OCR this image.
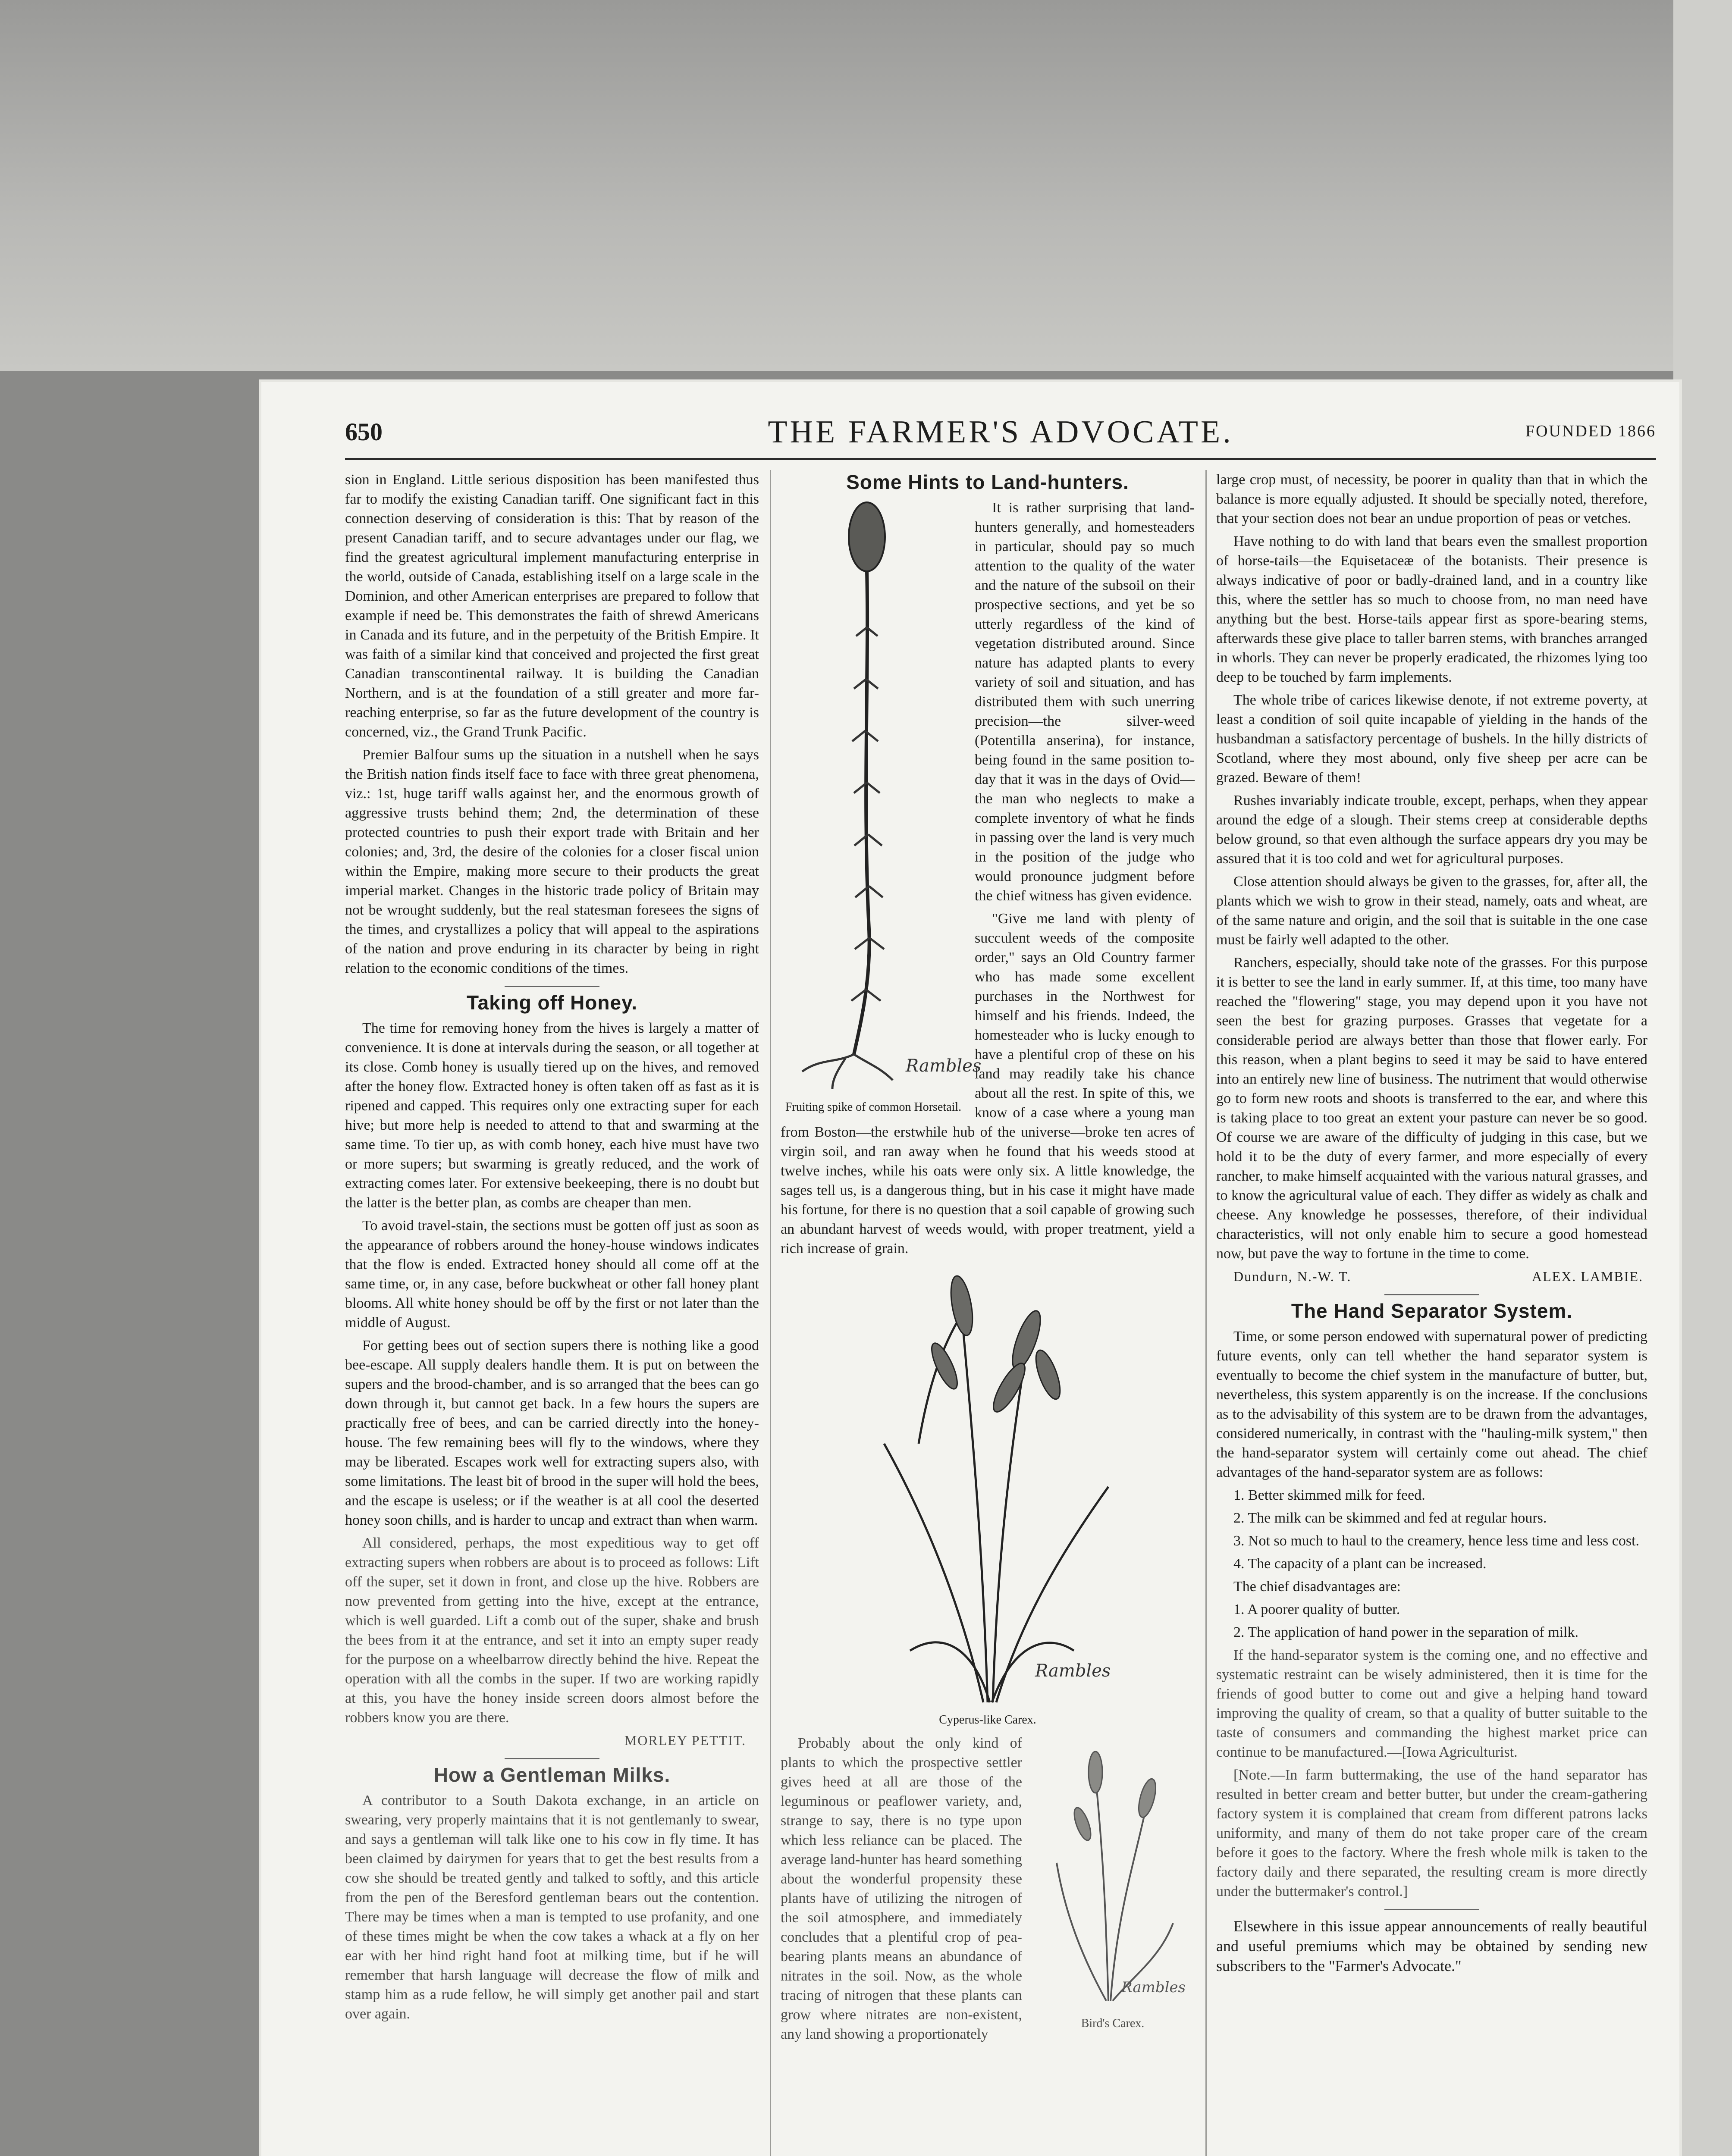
650	THE FARMER'S ADVOCATE.	FOUNDED 1866

sion in England. Little serious disposition has been manifested thus far to modify the existing Canadian tariff. One significant fact in this connection deserving of consideration is this: That by reason of the present Canadian tariff, and to secure advantages under our flag, we find the greatest agricultural implement manufacturing enterprise in the world, outside of Canada, establishing itself on a large scale in the Dominion, and other American enterprises are prepared to follow that example if need be. This demonstrates the faith of shrewd Americans in Canada and its future, and in the perpetuity of the British Empire. It was faith of a similar kind that conceived and projected the first great Canadian transcontinental railway. It is building the Canadian Northern, and is at the foundation of a still greater and more far-reaching enterprise, so far as the future development of the country is concerned, viz., the Grand Trunk Pacific.

Premier Balfour sums up the situation in a nutshell when he says the British nation finds itself face to face with three great phenomena, viz.: 1st, huge tariff walls against her, and the enormous growth of aggressive trusts behind them; 2nd, the determination of these protected countries to push their export trade with Britain and her colonies; and, 3rd, the desire of the colonies for a closer fiscal union within the Empire, making more secure to their products the great imperial market. Changes in the historic trade policy of Britain may not be wrought suddenly, but the real statesman foresees the signs of the times, and crystallizes a policy that will appeal to the aspirations of the nation and prove enduring in its character by being in right relation to the economic conditions of the times.

Taking off Honey.

The time for removing honey from the hives is largely a matter of convenience. It is done at intervals during the season, or all together at its close. Comb honey is usually tiered up on the hives, and removed after the honey flow. Extracted honey is often taken off as fast as it is ripened and capped. This requires only one extracting super for each hive; but more help is needed to attend to that and swarming at the same time. To tier up, as with comb honey, each hive must have two or more supers; but swarming is greatly reduced, and the work of extracting comes later. For extensive beekeeping, there is no doubt but the latter is the better plan, as combs are cheaper than men.

To avoid travel-stain, the sections must be gotten off just as soon as the appearance of robbers around the honey-house windows indicates that the flow is ended. Extracted honey should all come off at the same time, or, in any case, before buckwheat or other fall honey plant blooms. All white honey should be off by the first or not later than the middle of August.

For getting bees out of section supers there is nothing like a good bee-escape. All supply dealers handle them. It is put on between the supers and the brood-chamber, and is so arranged that the bees can go down through it, but cannot get back. In a few hours the supers are practically free of bees, and can be carried directly into the honey-house. The few remaining bees will fly to the windows, where they may be liberated. Escapes work well for extracting supers also, with some limitations. The least bit of brood in the super will hold the bees, and the escape is useless; or if the weather is at all cool the deserted honey soon chills, and is harder to uncap and extract than when warm.

All considered, perhaps, the most expeditious way to get off extracting supers when robbers are about is to proceed as follows: Lift off the super, set it down in front, and close up the hive. Robbers are now prevented from getting into the hive, except at the entrance, which is well guarded. Lift a comb out of the super, shake and brush the bees from it at the entrance, and set it into an empty super ready for the purpose on a wheelbarrow directly behind the hive. Repeat the operation with all the combs in the super. If two are working rapidly at this, you have the honey inside screen doors almost before the robbers know you are there.

MORLEY PETTIT.
How a Gentleman Milks.

A contributor to a South Dakota exchange, in an article on swearing, very properly maintains that it is not gentlemanly to swear, and says a gentleman will talk like one to his cow in fly time. It has been claimed by dairymen for years that to get the best results from a cow she should be treated gently and talked to softly, and this article from the pen of the Beresford gentleman bears out the contention. There may be times when a man is tempted to use profanity, and one of these times might be when the cow takes a whack at a fly on her ear with her hind right hand foot at milking time, but if he will remember that harsh language will decrease the flow of milk and stamp him as a rude fellow, he will simply get another pail and start over again.

Some Hints to Land-hunters.
Rambles
Fruiting spike of common Horsetail.

It is rather surprising that land-hunters generally, and homesteaders in particular, should pay so much attention to the quality of the water and the nature of the subsoil on their prospective sections, and yet be so utterly regardless of the kind of vegetation distributed around. Since nature has adapted plants to every variety of soil and situation, and has distributed them with such unerring precision—the silver-weed (Potentilla anserina), for instance, being found in the same position to-day that it was in the days of Ovid—the man who neglects to make a complete inventory of what he finds in passing over the land is very much in the position of the judge who would pronounce judgment before the chief witness has given evidence.

"Give me land with plenty of succulent weeds of the composite order," says an Old Country farmer who has made some excellent purchases in the Northwest for himself and his friends. Indeed, the homesteader who is lucky enough to have a plentiful crop of these on his land may readily take his chance about all the rest. In spite of this, we know of a case where a young man from Boston—the erstwhile hub of the universe—broke ten acres of virgin soil, and ran away when he found that his weeds stood at twelve inches, while his oats were only six. A little knowledge, the sages tell us, is a dangerous thing, but in his case it might have made his fortune, for there is no question that a soil capable of growing such an abundant harvest of weeds would, with proper treatment, yield a rich increase of grain.

Rambles
Cyperus-like Carex.
Rambles
Bird's Carex.

Probably about the only kind of plants to which the prospective settler gives heed at all are those of the leguminous or peaflower variety, and, strange to say, there is no type upon which less reliance can be placed. The average land-hunter has heard something about the wonderful propensity these plants have of utilizing the nitrogen of the soil atmosphere, and immediately concludes that a plentiful crop of pea-bearing plants means an abundance of nitrates in the soil. Now, as the whole tracing of nitrogen that these plants can grow where nitrates are non-existent, any land showing a proportionately

large crop must, of necessity, be poorer in quality than that in which the balance is more equally adjusted. It should be specially noted, therefore, that your section does not bear an undue proportion of peas or vetches.

Have nothing to do with land that bears even the smallest proportion of horse-tails—the Equisetaceæ of the botanists. Their presence is always indicative of poor or badly-drained land, and in a country like this, where the settler has so much to choose from, no man need have anything but the best. Horse-tails appear first as spore-bearing stems, afterwards these give place to taller barren stems, with branches arranged in whorls. They can never be properly eradicated, the rhizomes lying too deep to be touched by farm implements.

The whole tribe of carices likewise denote, if not extreme poverty, at least a condition of soil quite incapable of yielding in the hands of the husbandman a satisfactory percentage of bushels. In the hilly districts of Scotland, where they most abound, only five sheep per acre can be grazed. Beware of them!

Rushes invariably indicate trouble, except, perhaps, when they appear around the edge of a slough. Their stems creep at considerable depths below ground, so that even although the surface appears dry you may be assured that it is too cold and wet for agricultural purposes.

Close attention should always be given to the grasses, for, after all, the plants which we wish to grow in their stead, namely, oats and wheat, are of the same nature and origin, and the soil that is suitable in the one case must be fairly well adapted to the other.

Ranchers, especially, should take note of the grasses. For this purpose it is better to see the land in early summer. If, at this time, too many have reached the "flowering" stage, you may depend upon it you have not seen the best for grazing purposes. Grasses that vegetate for a considerable period are always better than those that flower early. For this reason, when a plant begins to seed it may be said to have entered into an entirely new line of business. The nutriment that would otherwise go to form new roots and shoots is transferred to the ear, and where this is taking place to too great an extent your pasture can never be so good. Of course we are aware of the difficulty of judging in this case, but we hold it to be the duty of every farmer, and more especially of every rancher, to make himself acquainted with the various natural grasses, and to know the agricultural value of each. They differ as widely as chalk and cheese. Any knowledge he possesses, therefore, of their individual characteristics, will not only enable him to secure a good homestead now, but pave the way to fortune in the time to come.

Dundurn, N.-W. T.	ALEX. LAMBIE.
The Hand Separator System.

Time, or some person endowed with supernatural power of predicting future events, only can tell whether the hand separator system is eventually to become the chief system in the manufacture of butter, but, nevertheless, this system apparently is on the increase. If the conclusions as to the advisability of this system are to be drawn from the advantages, considered numerically, in contrast with the "hauling-milk system," then the hand-separator system will certainly come out ahead. The chief advantages of the hand-separator system are as follows:

1. Better skimmed milk for feed.

2. The milk can be skimmed and fed at regular hours.

3. Not so much to haul to the creamery, hence less time and less cost.

4. The capacity of a plant can be increased.

The chief disadvantages are:

1. A poorer quality of butter.

2. The application of hand power in the separation of milk.

If the hand-separator system is the coming one, and no effective and systematic restraint can be wisely administered, then it is time for the friends of good butter to come out and give a helping hand toward improving the quality of cream, so that a quality of butter suitable to the taste of consumers and commanding the highest market price can continue to be manufactured.—[Iowa Agriculturist.

[Note.—In farm buttermaking, the use of the hand separator has resulted in better cream and better butter, but under the cream-gathering factory system it is complained that cream from different patrons lacks uniformity, and many of them do not take proper care of the cream before it goes to the factory. Where the fresh whole milk is taken to the factory daily and there separated, the resulting cream is more directly under the buttermaker's control.]

Elsewhere in this issue appear announcements of really beautiful and useful premiums which may be obtained by sending new subscribers to the "Farmer's Advocate."
